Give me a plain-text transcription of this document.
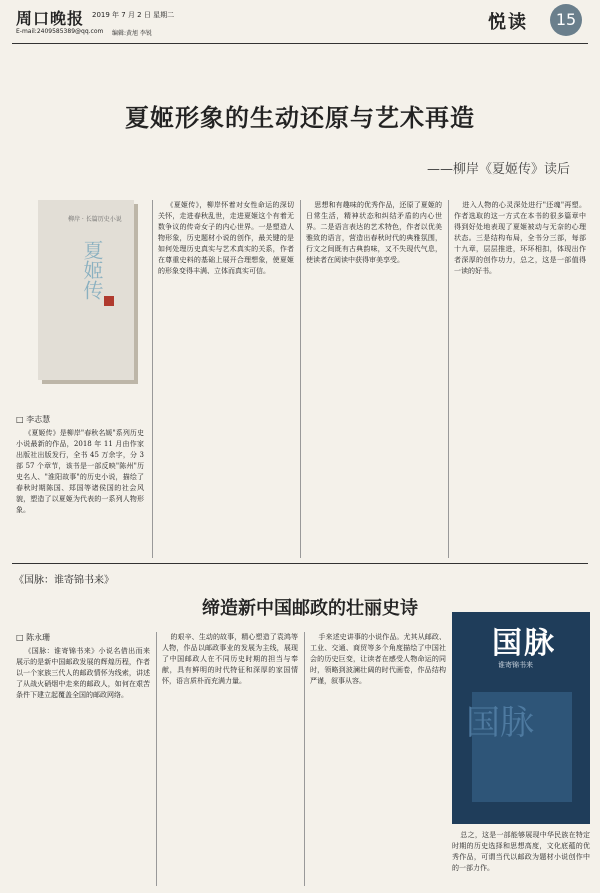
周口晚报 2019 年 7 月 2 日 星期二
E-mail:2409585389@qq.com 编辑:黄旭 李锐
悦读	15
夏姬形象的生动还原与艺术再造
——柳岸《夏姬传》读后
柳岸 · 长篇历史小说
夏姬传
□ 李志慧

《夏姬传》是柳岸"春秋名媛"系列历史小说最新的作品，2018 年 11 月由作家出版社出版发行，全书 45 万余字，分 3 部 57 个章节，该书是一部反映"陈州"历史名人、"淮阳故事"的历史小说，描绘了春秋时期陈国、郑国等诸侯国的社会风貌，塑造了以夏姬为代表的一系列人物形象。

《夏姬传》，柳岸怀着对女性命运的深切关怀，走进春秋乱世，走进夏姬这个有着无数争议的传奇女子的内心世界。一是塑造人物形象，历史题材小说的创作，最关键的是如何处理历史真实与艺术真实的关系，作者在尊重史料的基础上展开合理想象，使夏姬的形象变得丰满、立体而真实可信。

思想和有趣味的优秀作品，还原了夏姬的日常生活，精神状态和纠结矛盾的内心世界。二是语言表达的艺术特色，作者以优美雅致的语言，营造出春秋时代的典雅氛围，行文之间既有古典韵味，又不失现代气息，使读者在阅读中获得审美享受。

进入人物的心灵深处进行"还魂"再塑。作者选取的这一方式在本书的很多篇章中得到好处地表现了夏姬被动与无奈的心理状态。三是结构布局，全书分三部，每部十九章，层层推进，环环相扣，体现出作者深厚的创作功力，总之，这是一部值得一读的好书。

《国脉：谁寄锦书来》
缔造新中国邮政的壮丽史诗
□ 陈永珊

《国脉：谁寄锦书来》小说名借出而来展示的是新中国邮政发展的辉煌历程，作者以一个家族三代人的邮政情怀为线索，讲述了从战火硝烟中走来的邮政人，如何在艰苦条件下建立起覆盖全国的邮政网络。

的艰辛、生动的故事，精心塑造了袁鸿等人物，作品以邮政事业的发展为主线，展现了中国邮政人在不同历史时期的担当与奉献，具有鲜明的时代特征和深厚的家国情怀，语言质朴而充满力量。

手来述史讲事的小说作品。尤其从邮政、工业、交通、商贸等多个角度描绘了中国社会的历史巨变，让读者在感受人物命运的同时，领略到波澜壮阔的时代画卷，作品结构严谨，叙事从容。

国脉
谁寄锦书来
国脉

总之，这是一部能够展现中华民族在特定时期的历史选择和思想高度，文化底蕴的优秀作品，可谓当代以邮政为题材小说创作中的一部力作。
